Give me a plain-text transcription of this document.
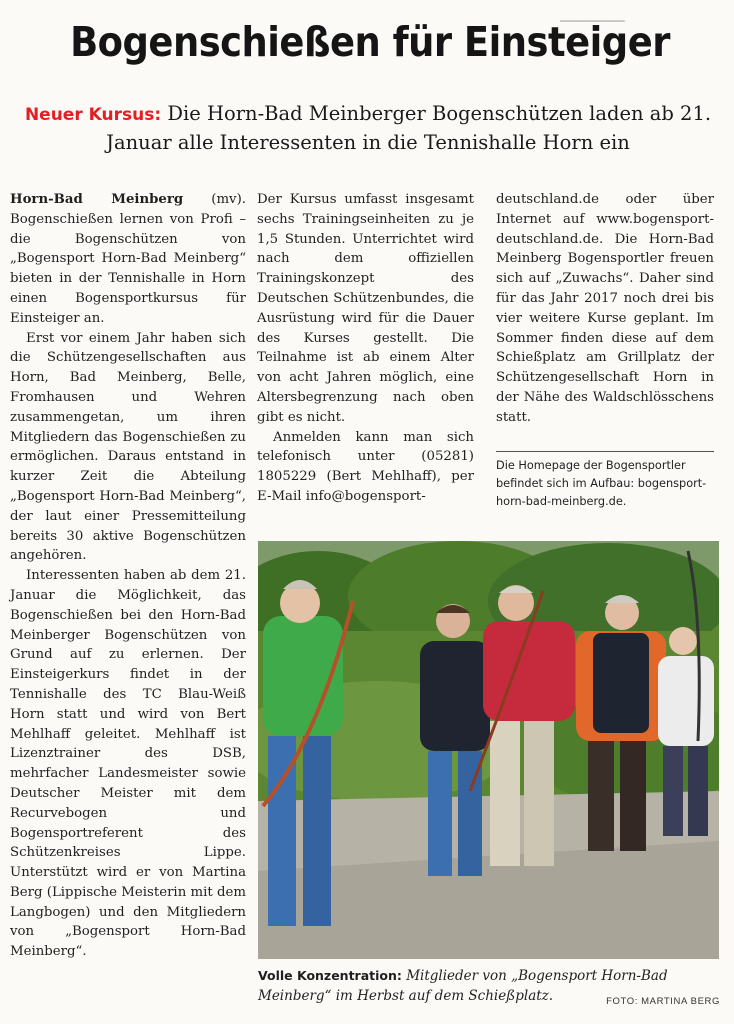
▁▁▁▁▁▁▁
Bogenschießen für Einsteiger
Neuer Kursus: Die Horn-Bad Meinberger Bogenschützen laden ab 21. Januar alle Interessenten in die Tennishalle Horn ein

Horn-Bad Meinberg (mv). Bogenschießen lernen von Profi – die Bogenschützen von „Bogensport Horn-Bad Meinberg“ bieten in der Tennishalle in Horn einen Bogensportkursus für Einsteiger an.

Erst vor einem Jahr haben sich die Schützengesellschaften aus Horn, Bad Meinberg, Belle, Fromhausen und Wehren zusammengetan, um ihren Mitgliedern das Bogenschießen zu ermöglichen. Daraus entstand in kurzer Zeit die Abteilung „Bogensport Horn-Bad Meinberg“, der laut einer Pressemitteilung bereits 30 aktive Bogenschützen angehören.

Interessenten haben ab dem 21. Januar die Möglichkeit, das Bogenschießen bei den Horn-Bad Meinberger Bogenschützen von Grund auf zu erlernen. Der Einsteigerkurs findet in der Tennishalle des TC Blau-Weiß Horn statt und wird von Bert Mehlhaff geleitet. Mehlhaff ist Lizenztrainer des DSB, mehrfacher Landesmeister sowie Deutscher Meister mit dem Recurvebogen und Bogensportreferent des Schützenkreises Lippe. Unterstützt wird er von Martina Berg (Lippische Meisterin mit dem Langbogen) und den Mitgliedern von „Bogensport Horn-Bad Meinberg“.

Der Kursus umfasst insgesamt sechs Trainingseinheiten zu je 1,5 Stunden. Unterrichtet wird nach dem offiziellen Trainingskonzept des Deutschen Schützenbundes, die Ausrüstung wird für die Dauer des Kurses gestellt. Die Teilnahme ist ab einem Alter von acht Jahren möglich, eine Altersbegrenzung nach oben gibt es nicht.

Anmelden kann man sich telefonisch unter (05281) 1805229 (Bert Mehlhaff), per E-Mail info@bogensport-

deutschland.de oder über Internet auf www.bogensport-deutschland.de. Die Horn-Bad Meinberg Bogensportler freuen sich auf „Zuwachs“. Daher sind für das Jahr 2017 noch drei bis vier weitere Kurse geplant. Im Sommer finden diese auf dem Schießplatz am Grillplatz der Schützengesellschaft Horn in der Nähe des Waldschlösschens statt.

Die Homepage der Bogensportler befindet sich im Aufbau: bogensport-horn-bad-meinberg.de.
Volle Konzentration: Mitglieder von „Bogensport Horn-Bad Meinberg“ im Herbst auf dem Schießplatz.	FOTO: MARTINA BERG
